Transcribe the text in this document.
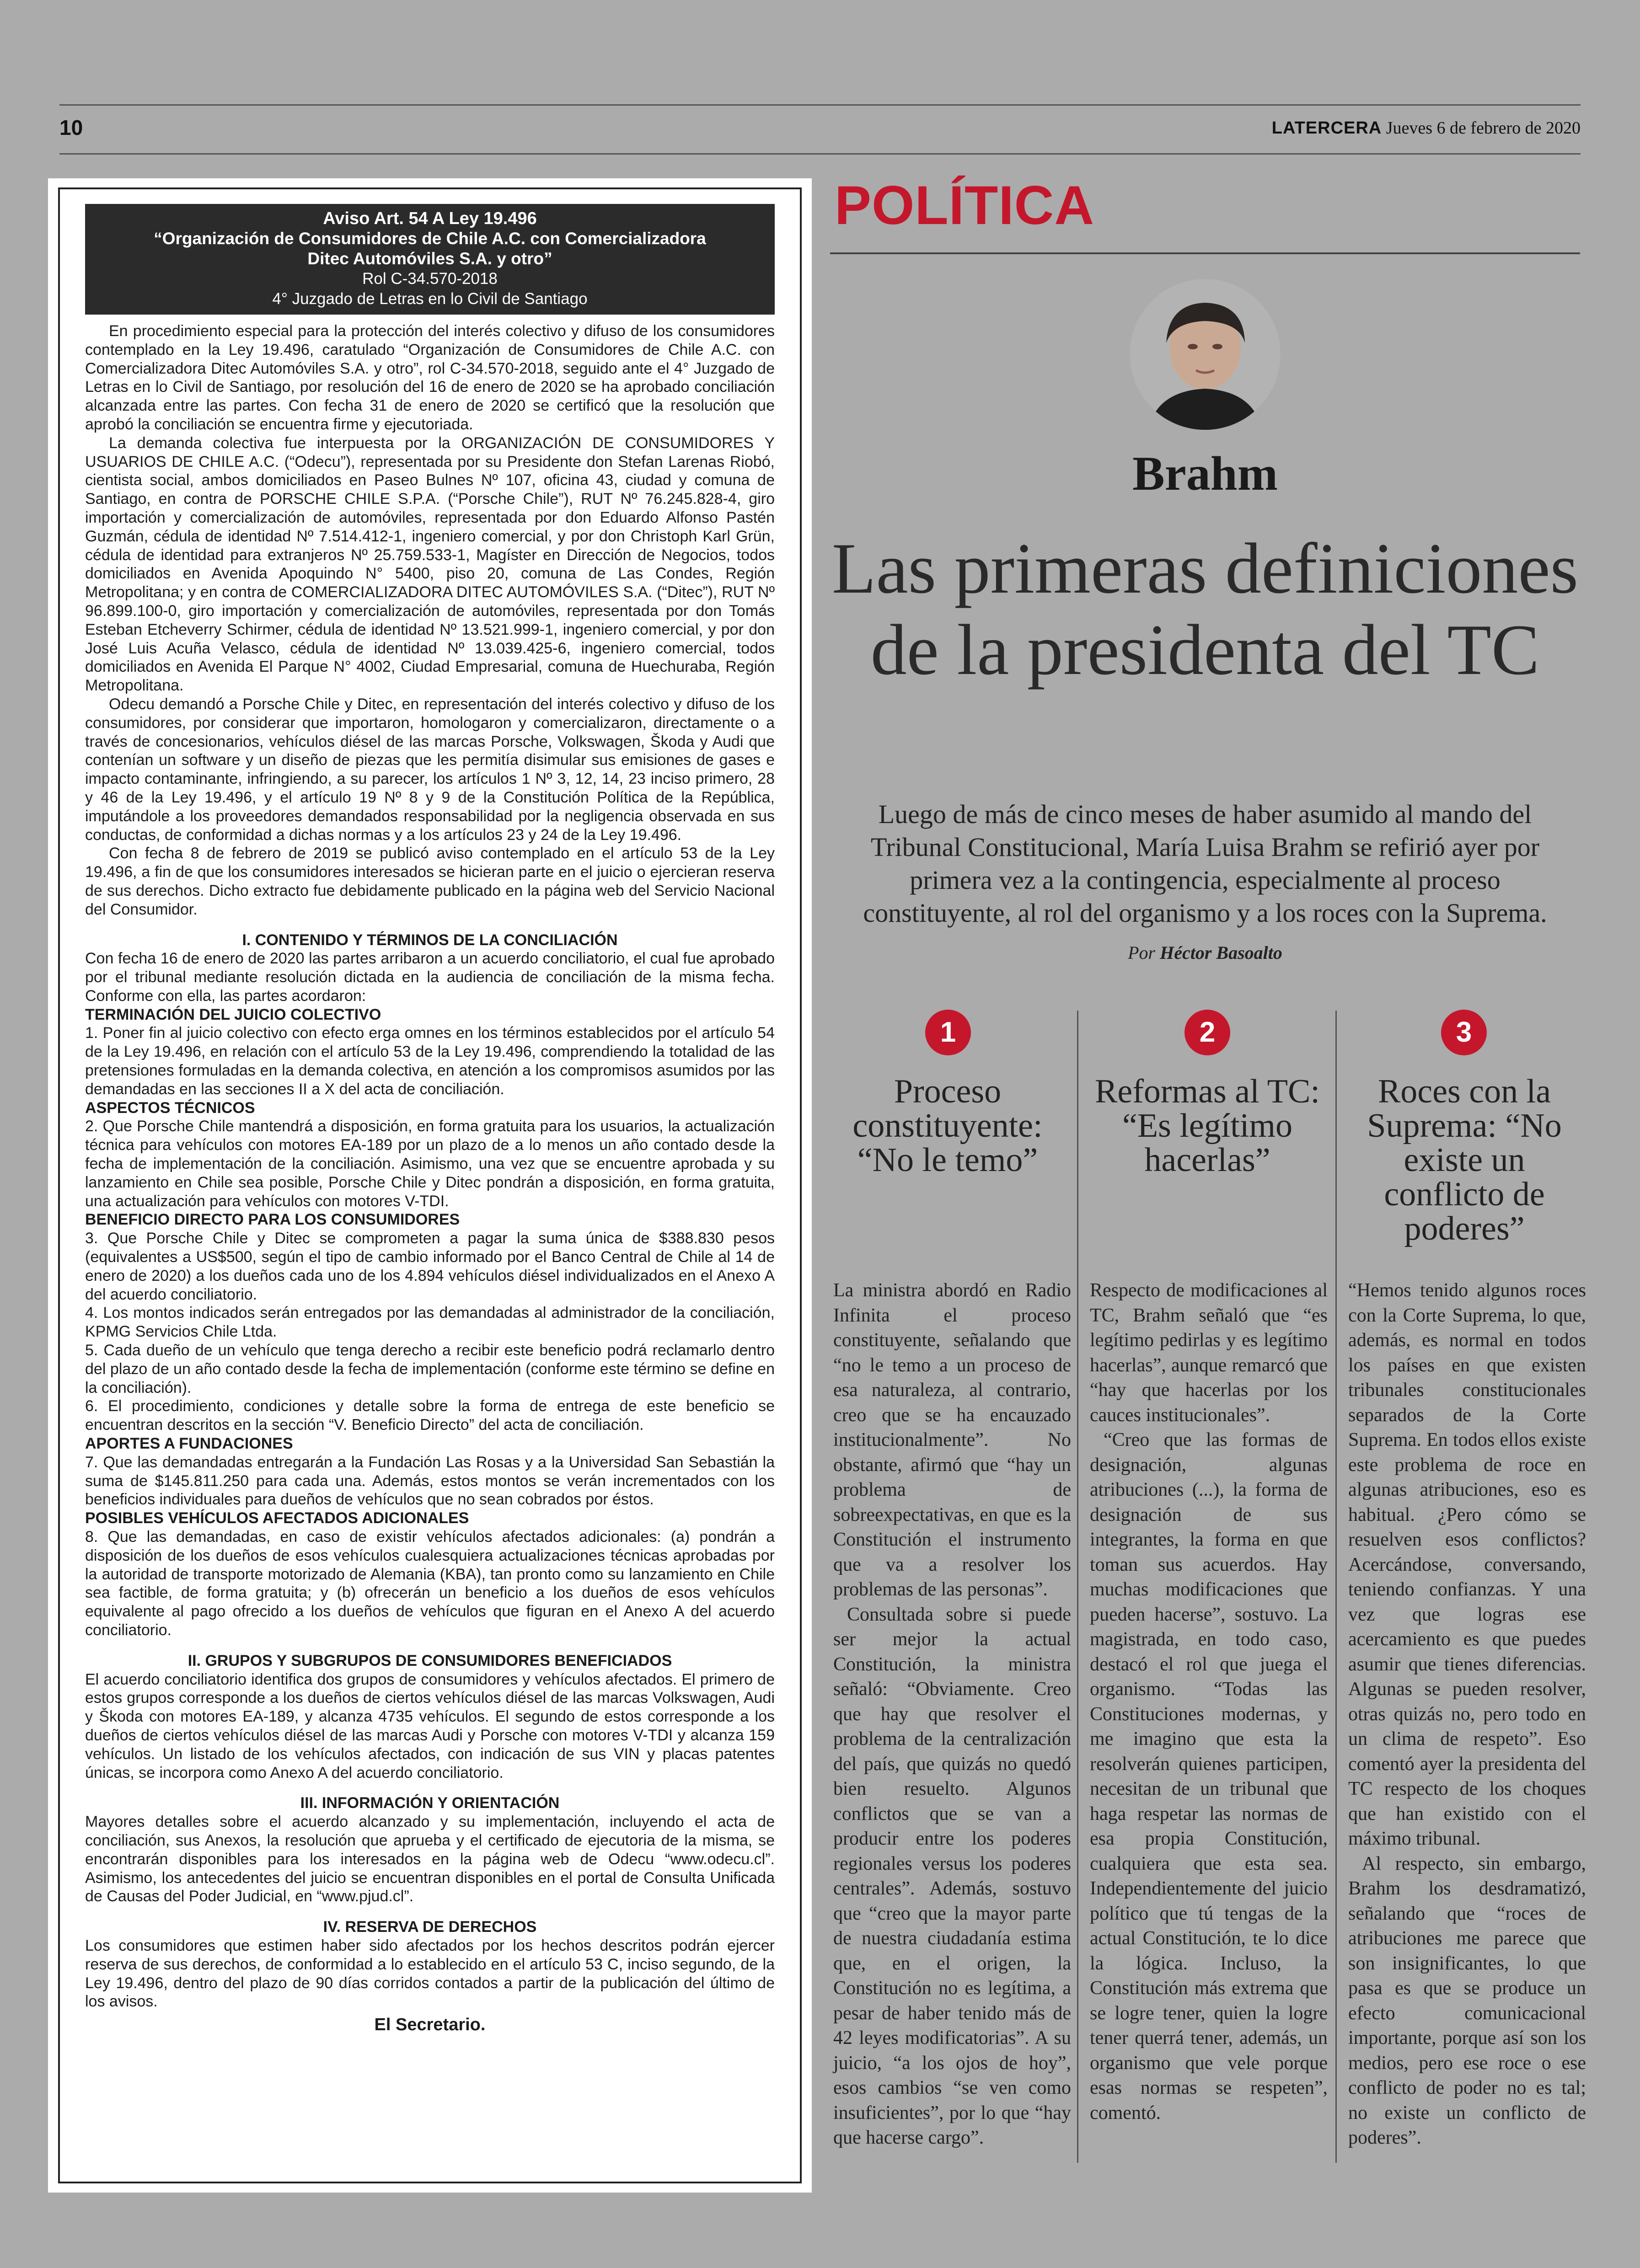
10	LATERCERA Jueves 6 de febrero de 2020
Aviso Art. 54 A Ley 19.496
“Organización de Consumidores de Chile A.C. con Comercializadora
Ditec Automóviles S.A. y otro”
Rol C-34.570-2018
4° Juzgado de Letras en lo Civil de Santiago

En procedimiento especial para la protección del interés colectivo y difuso de los consumidores contemplado en la Ley 19.496, caratulado “Organización de Consumidores de Chile A.C. con Comercializadora Ditec Automóviles S.A. y otro”, rol C-34.570-2018, seguido ante el 4° Juzgado de Letras en lo Civil de Santiago, por resolución del 16 de enero de 2020 se ha aprobado conciliación alcanzada entre las partes. Con fecha 31 de enero de 2020 se certificó que la resolución que aprobó la conciliación se encuentra firme y ejecutoriada.

La demanda colectiva fue interpuesta por la ORGANIZACIÓN DE CONSUMIDORES Y USUARIOS DE CHILE A.C. (“Odecu”), representada por su Presidente don Stefan Larenas Riobó, cientista social, ambos domiciliados en Paseo Bulnes Nº 107, oficina 43, ciudad y comuna de Santiago, en contra de PORSCHE CHILE S.P.A. (“Porsche Chile”), RUT Nº 76.245.828-4, giro importación y comercialización de automóviles, representada por don Eduardo Alfonso Pastén Guzmán, cédula de identidad Nº 7.514.412-1, ingeniero comercial, y por don Christoph Karl Grün, cédula de identidad para extranjeros Nº 25.759.533-1, Magíster en Dirección de Negocios, todos domiciliados en Avenida Apoquindo N° 5400, piso 20, comuna de Las Condes, Región Metropolitana; y en contra de COMERCIALIZADORA DITEC AUTOMÓVILES S.A. (“Ditec”), RUT Nº 96.899.100-0, giro importación y comercialización de automóviles, representada por don Tomás Esteban Etcheverry Schirmer, cédula de identidad Nº 13.521.999-1, ingeniero comercial, y por don José Luis Acuña Velasco, cédula de identidad Nº 13.039.425-6, ingeniero comercial, todos domiciliados en Avenida El Parque N° 4002, Ciudad Empresarial, comuna de Huechuraba, Región Metropolitana.

Odecu demandó a Porsche Chile y Ditec, en representación del interés colectivo y difuso de los consumidores, por considerar que importaron, homologaron y comercializaron, directamente o a través de concesionarios, vehículos diésel de las marcas Porsche, Volkswagen, Škoda y Audi que contenían un software y un diseño de piezas que les permitía disimular sus emisiones de gases e impacto contaminante, infringiendo, a su parecer, los artículos 1 Nº 3, 12, 14, 23 inciso primero, 28 y 46 de la Ley 19.496, y el artículo 19 Nº 8 y 9 de la Constitución Política de la República, imputándole a los proveedores demandados responsabilidad por la negligencia observada en sus conductas, de conformidad a dichas normas y a los artículos 23 y 24 de la Ley 19.496.

Con fecha 8 de febrero de 2019 se publicó aviso contemplado en el artículo 53 de la Ley 19.496, a fin de que los consumidores interesados se hicieran parte en el juicio o ejercieran reserva de sus derechos. Dicho extracto fue debidamente publicado en la página web del Servicio Nacional del Consumidor.

I. CONTENIDO Y TÉRMINOS DE LA CONCILIACIÓN

Con fecha 16 de enero de 2020 las partes arribaron a un acuerdo conciliatorio, el cual fue aprobado por el tribunal mediante resolución dictada en la audiencia de conciliación de la misma fecha. Conforme con ella, las partes acordaron:

TERMINACIÓN DEL JUICIO COLECTIVO

1. Poner fin al juicio colectivo con efecto erga omnes en los términos establecidos por el artículo 54 de la Ley 19.496, en relación con el artículo 53 de la Ley 19.496, comprendiendo la totalidad de las pretensiones formuladas en la demanda colectiva, en atención a los compromisos asumidos por las demandadas en las secciones II a X del acta de conciliación.

ASPECTOS TÉCNICOS

2. Que Porsche Chile mantendrá a disposición, en forma gratuita para los usuarios, la actualización técnica para vehículos con motores EA-189 por un plazo de a lo menos un año contado desde la fecha de implementación de la conciliación. Asimismo, una vez que se encuentre aprobada y su lanzamiento en Chile sea posible, Porsche Chile y Ditec pondrán a disposición, en forma gratuita, una actualización para vehículos con motores V-TDI.

BENEFICIO DIRECTO PARA LOS CONSUMIDORES

3. Que Porsche Chile y Ditec se comprometen a pagar la suma única de $388.830 pesos (equivalentes a US$500, según el tipo de cambio informado por el Banco Central de Chile al 14 de enero de 2020) a los dueños cada uno de los 4.894 vehículos diésel individualizados en el Anexo A del acuerdo conciliatorio.

4. Los montos indicados serán entregados por las demandadas al administrador de la conciliación, KPMG Servicios Chile Ltda.

5. Cada dueño de un vehículo que tenga derecho a recibir este beneficio podrá reclamarlo dentro del plazo de un año contado desde la fecha de implementación (conforme este término se define en la conciliación).

6. El procedimiento, condiciones y detalle sobre la forma de entrega de este beneficio se encuentran descritos en la sección “V. Beneficio Directo” del acta de conciliación.

APORTES A FUNDACIONES

7. Que las demandadas entregarán a la Fundación Las Rosas y a la Universidad San Sebastián la suma de $145.811.250 para cada una. Además, estos montos se verán incrementados con los beneficios individuales para dueños de vehículos que no sean cobrados por éstos.

POSIBLES VEHÍCULOS AFECTADOS ADICIONALES

8. Que las demandadas, en caso de existir vehículos afectados adicionales: (a) pondrán a disposición de los dueños de esos vehículos cualesquiera actualizaciones técnicas aprobadas por la autoridad de transporte motorizado de Alemania (KBA), tan pronto como su lanzamiento en Chile sea factible, de forma gratuita; y (b) ofrecerán un beneficio a los dueños de esos vehículos equivalente al pago ofrecido a los dueños de vehículos que figuran en el Anexo A del acuerdo conciliatorio.

II. GRUPOS Y SUBGRUPOS DE CONSUMIDORES BENEFICIADOS

El acuerdo conciliatorio identifica dos grupos de consumidores y vehículos afectados. El primero de estos grupos corresponde a los dueños de ciertos vehículos diésel de las marcas Volkswagen, Audi y Škoda con motores EA-189, y alcanza 4735 vehículos. El segundo de estos corresponde a los dueños de ciertos vehículos diésel de las marcas Audi y Porsche con motores V-TDI y alcanza 159 vehículos. Un listado de los vehículos afectados, con indicación de sus VIN y placas patentes únicas, se incorpora como Anexo A del acuerdo conciliatorio.

III. INFORMACIÓN Y ORIENTACIÓN

Mayores detalles sobre el acuerdo alcanzado y su implementación, incluyendo el acta de conciliación, sus Anexos, la resolución que aprueba y el certificado de ejecutoria de la misma, se encontrarán disponibles para los interesados en la página web de Odecu “www.odecu.cl”. Asimismo, los antecedentes del juicio se encuentran disponibles en el portal de Consulta Unificada de Causas del Poder Judicial, en “www.pjud.cl”.

IV. RESERVA DE DERECHOS

Los consumidores que estimen haber sido afectados por los hechos descritos podrán ejercer reserva de sus derechos, de conformidad a lo establecido en el artículo 53 C, inciso segundo, de la Ley 19.496, dentro del plazo de 90 días corridos contados a partir de la publicación del último de los avisos.

El Secretario.

POLÍTICA
Brahm
Las primeras definiciones de la presidenta del TC
Luego de más de cinco meses de haber asumido al mando del Tribunal Constitucional, María Luisa Brahm se refirió ayer por primera vez a la contingencia, especialmente al proceso constituyente, al rol del organismo y a los roces con la Suprema.
Por Héctor Basoalto
1
Proceso constituyente: “No le temo”

La ministra abordó en Radio Infinita el proceso constituyente, señalando que “no le temo a un proceso de esa naturaleza, al contrario, creo que se ha encauzado institucionalmente”. No obstante, afirmó que “hay un problema de sobreexpectativas, en que es la Constitución el instrumento que va a resolver los problemas de las personas”.

Consultada sobre si puede ser mejor la actual Constitución, la ministra señaló: “Obviamente. Creo que hay que resolver el problema de la centralización del país, que quizás no quedó bien resuelto. Algunos conflictos que se van a producir entre los poderes regionales versus los poderes centrales”. Además, sostuvo que “creo que la mayor parte de nuestra ciudadanía estima que, en el origen, la Constitución no es legítima, a pesar de haber tenido más de 42 leyes modificatorias”. A su juicio, “a los ojos de hoy”, esos cambios “se ven como insuficientes”, por lo que “hay que hacerse cargo”.

2
Reformas al TC: “Es legítimo hacerlas”

Respecto de modificaciones al TC, Brahm señaló que “es legítimo pedirlas y es legítimo hacerlas”, aunque remarcó que “hay que hacerlas por los cauces institucionales”.

“Creo que las formas de designación, algunas atribuciones (...), la forma de designación de sus integrantes, la forma en que toman sus acuerdos. Hay muchas modificaciones que pueden hacerse”, sostuvo. La magistrada, en todo caso, destacó el rol que juega el organismo. “Todas las Constituciones modernas, y me imagino que esta la resolverán quienes participen, necesitan de un tribunal que haga respetar las normas de esa propia Constitución, cualquiera que esta sea. Independientemente del juicio político que tú tengas de la actual Constitución, te lo dice la lógica. Incluso, la Constitución más extrema que se logre tener, quien la logre tener querrá tener, además, un organismo que vele porque esas normas se respeten”, comentó.

3
Roces con la Suprema: “No existe un conflicto de poderes”

“Hemos tenido algunos roces con la Corte Suprema, lo que, además, es normal en todos los países en que existen tribunales constitucionales separados de la Corte Suprema. En todos ellos existe este problema de roce en algunas atribuciones, eso es habitual. ¿Pero cómo se resuelven esos conflictos? Acercándose, conversando, teniendo confianzas. Y una vez que logras ese acercamiento es que puedes asumir que tienes diferencias. Algunas se pueden resolver, otras quizás no, pero todo en un clima de respeto”. Eso comentó ayer la presidenta del TC respecto de los choques que han existido con el máximo tribunal.

Al respecto, sin embargo, Brahm los desdramatizó, señalando que “roces de atribuciones me parece que son insignificantes, lo que pasa es que se produce un efecto comunicacional importante, porque así son los medios, pero ese roce o ese conflicto de poder no es tal; no existe un conflicto de poderes”.
